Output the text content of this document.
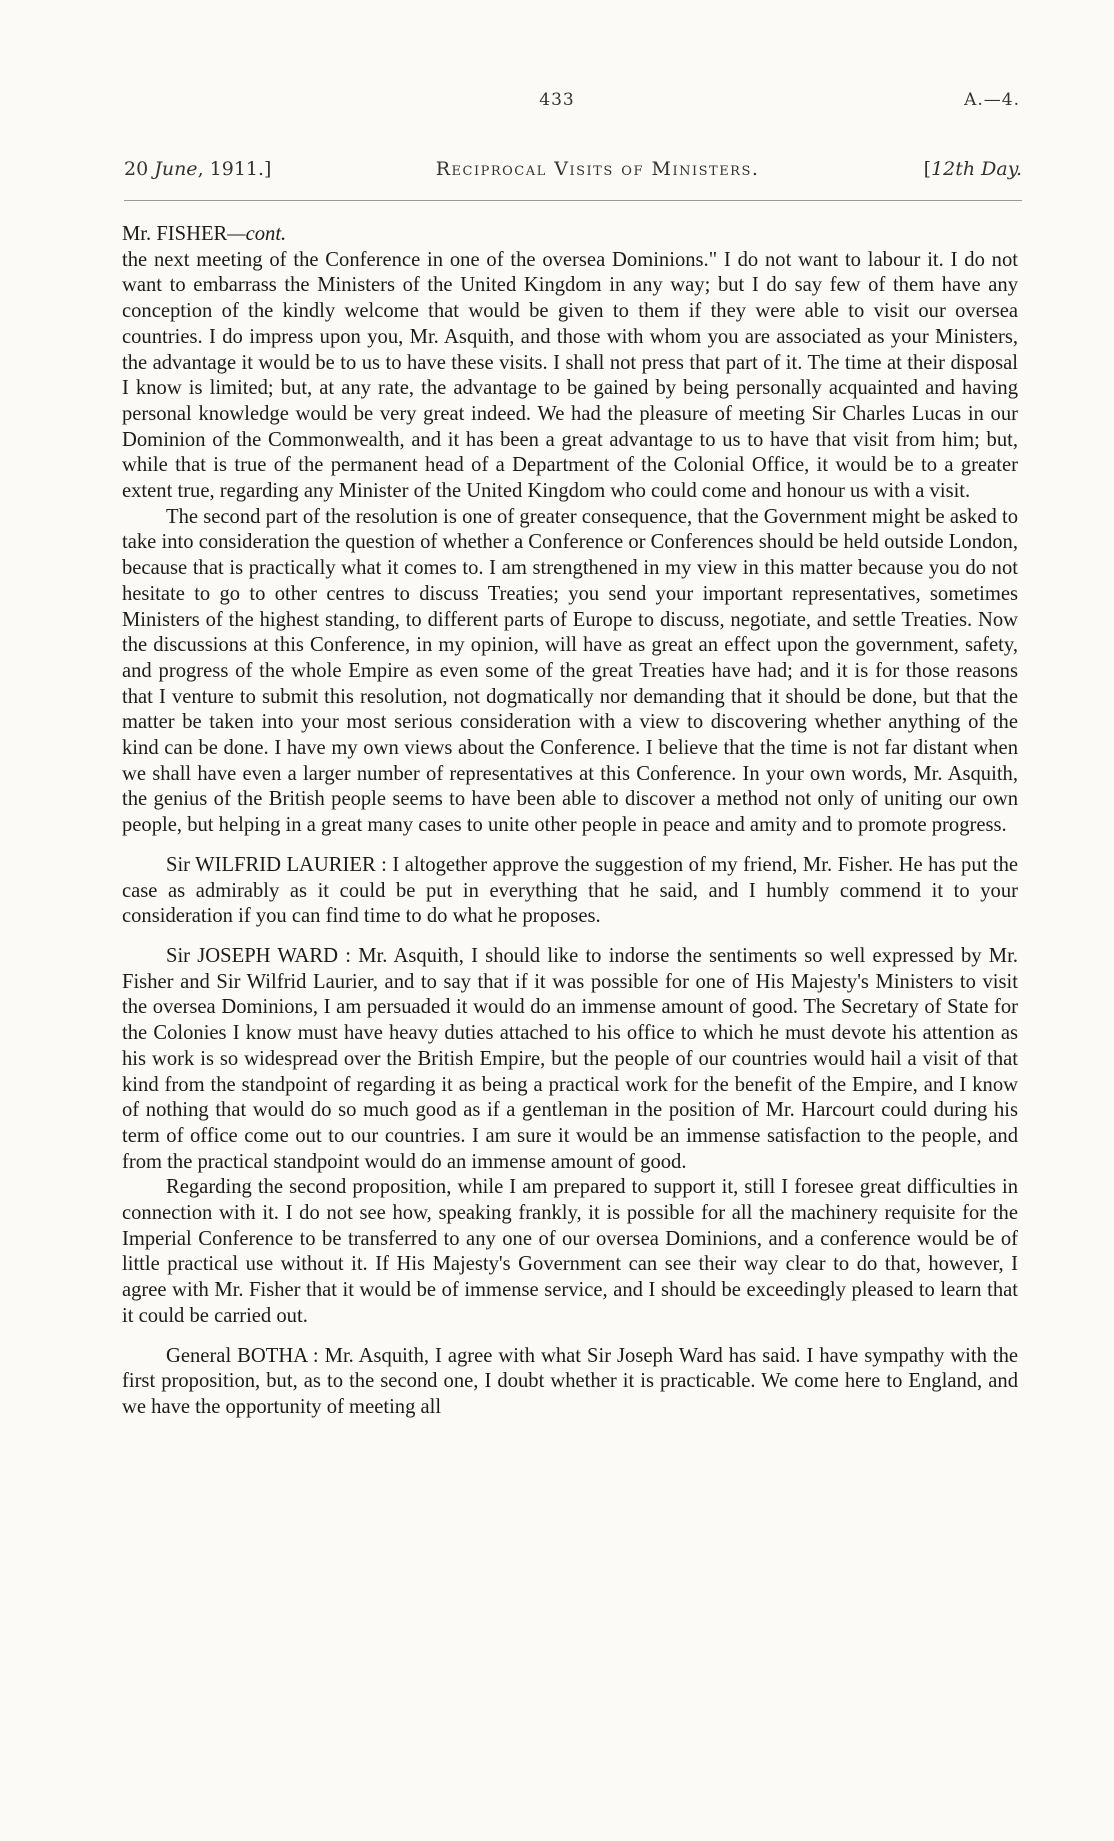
433	A.—4.
20 June, 1911.]	Reciprocal Visits of Ministers.	[12th Day.

Mr. FISHER—cont.

the next meeting of the Conference in one of the oversea Dominions." I do not want to labour it. I do not want to embarrass the Ministers of the United Kingdom in any way; but I do say few of them have any conception of the kindly welcome that would be given to them if they were able to visit our oversea countries. I do impress upon you, Mr. Asquith, and those with whom you are associated as your Ministers, the advantage it would be to us to have these visits. I shall not press that part of it. The time at their disposal I know is limited; but, at any rate, the advantage to be gained by being personally acquainted and having personal knowledge would be very great indeed. We had the pleasure of meeting Sir Charles Lucas in our Dominion of the Commonwealth, and it has been a great advantage to us to have that visit from him; but, while that is true of the permanent head of a Department of the Colonial Office, it would be to a greater extent true, regarding any Minister of the United Kingdom who could come and honour us with a visit.

The second part of the resolution is one of greater consequence, that the Government might be asked to take into consideration the question of whether a Conference or Conferences should be held outside London, because that is practically what it comes to. I am strengthened in my view in this matter because you do not hesitate to go to other centres to discuss Treaties; you send your important representatives, sometimes Ministers of the highest standing, to different parts of Europe to discuss, negotiate, and settle Treaties. Now the discussions at this Conference, in my opinion, will have as great an effect upon the government, safety, and progress of the whole Empire as even some of the great Treaties have had; and it is for those reasons that I venture to submit this resolution, not dogmatically nor demanding that it should be done, but that the matter be taken into your most serious consideration with a view to discovering whether anything of the kind can be done. I have my own views about the Conference. I believe that the time is not far distant when we shall have even a larger number of representatives at this Conference. In your own words, Mr. Asquith, the genius of the British people seems to have been able to discover a method not only of uniting our own people, but helping in a great many cases to unite other people in peace and amity and to promote progress.

Sir WILFRID LAURIER : I altogether approve the suggestion of my friend, Mr. Fisher. He has put the case as admirably as it could be put in everything that he said, and I humbly commend it to your consideration if you can find time to do what he proposes.

Sir JOSEPH WARD : Mr. Asquith, I should like to indorse the sentiments so well expressed by Mr. Fisher and Sir Wilfrid Laurier, and to say that if it was possible for one of His Majesty's Ministers to visit the oversea Dominions, I am persuaded it would do an immense amount of good. The Secretary of State for the Colonies I know must have heavy duties attached to his office to which he must devote his attention as his work is so widespread over the British Empire, but the people of our countries would hail a visit of that kind from the standpoint of regarding it as being a practical work for the benefit of the Empire, and I know of nothing that would do so much good as if a gentleman in the position of Mr. Harcourt could during his term of office come out to our countries. I am sure it would be an immense satisfaction to the people, and from the practical standpoint would do an immense amount of good.

Regarding the second proposition, while I am prepared to support it, still I foresee great difficulties in connection with it. I do not see how, speaking frankly, it is possible for all the machinery requisite for the Imperial Conference to be transferred to any one of our oversea Dominions, and a conference would be of little practical use without it. If His Majesty's Government can see their way clear to do that, however, I agree with Mr. Fisher that it would be of immense service, and I should be exceedingly pleased to learn that it could be carried out.

General BOTHA : Mr. Asquith, I agree with what Sir Joseph Ward has said. I have sympathy with the first proposition, but, as to the second one, I doubt whether it is practicable. We come here to England, and we have the opportunity of meeting all
